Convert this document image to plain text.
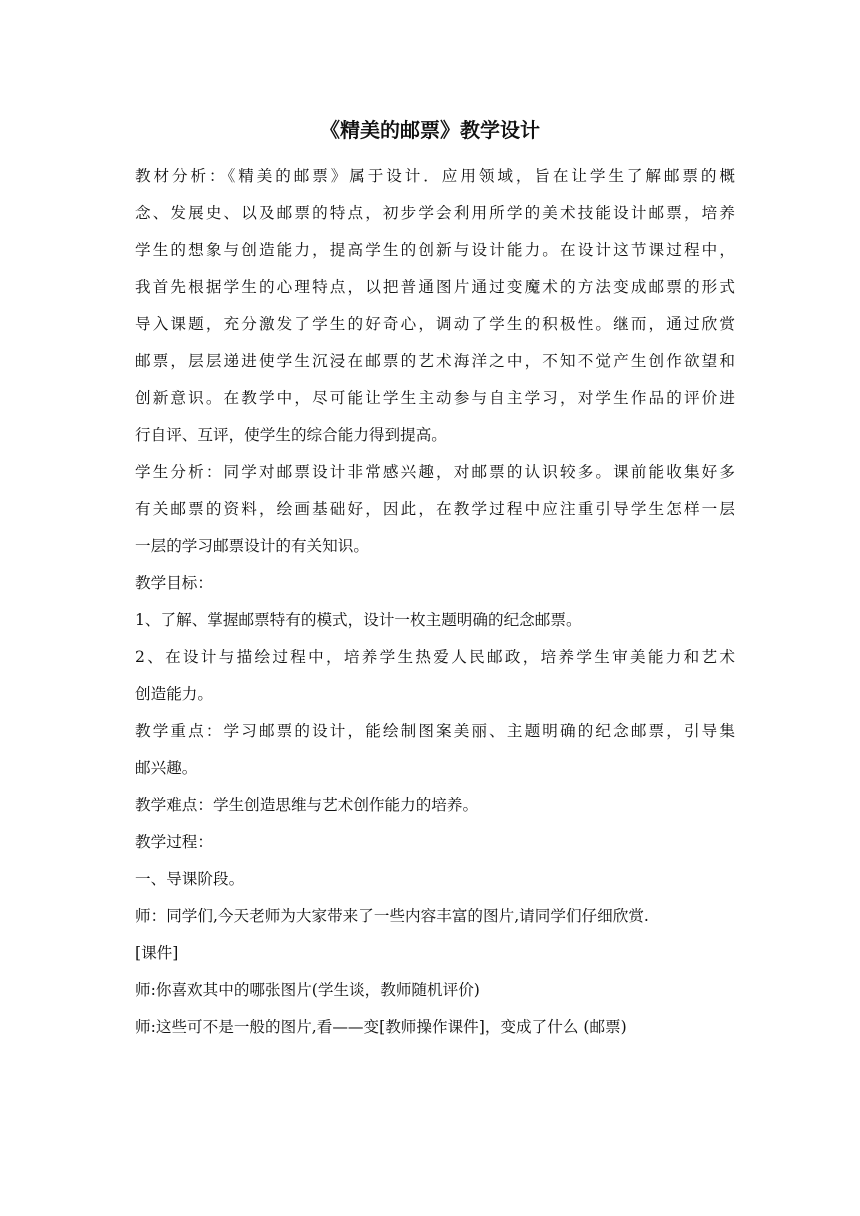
《精美的邮票》教学设计
教材分析：《精美的邮票》属于设计．应用领域，旨在让学生了解邮票的概
念、发展史、以及邮票的特点，初步学会利用所学的美术技能设计邮票，培养
学生的想象与创造能力，提高学生的创新与设计能力。在设计这节课过程中，
我首先根据学生的心理特点，以把普通图片通过变魔术的方法变成邮票的形式
导入课题，充分激发了学生的好奇心，调动了学生的积极性。继而，通过欣赏
邮票，层层递进使学生沉浸在邮票的艺术海洋之中，不知不觉产生创作欲望和
创新意识。在教学中，尽可能让学生主动参与自主学习，对学生作品的评价进
行自评、互评，使学生的综合能力得到提高。
学生分析：同学对邮票设计非常感兴趣，对邮票的认识较多。课前能收集好多
有关邮票的资料，绘画基础好，因此，在教学过程中应注重引导学生怎样一层
一层的学习邮票设计的有关知识。
教学目标：
1、了解、掌握邮票特有的模式，设计一枚主题明确的纪念邮票。
2、在设计与描绘过程中，培养学生热爱人民邮政，培养学生审美能力和艺术
创造能力。
教学重点：学习邮票的设计，能绘制图案美丽、主题明确的纪念邮票，引导集
邮兴趣。
教学难点：学生创造思维与艺术创作能力的培养。
教学过程：
一、导课阶段。
师：同学们,今天老师为大家带来了一些内容丰富的图片,请同学们仔细欣赏.
[课件]
师:你喜欢其中的哪张图片(学生谈，教师随机评价)
师:这些可不是一般的图片,看——变[教师操作课件]，变成了什么 (邮票)
